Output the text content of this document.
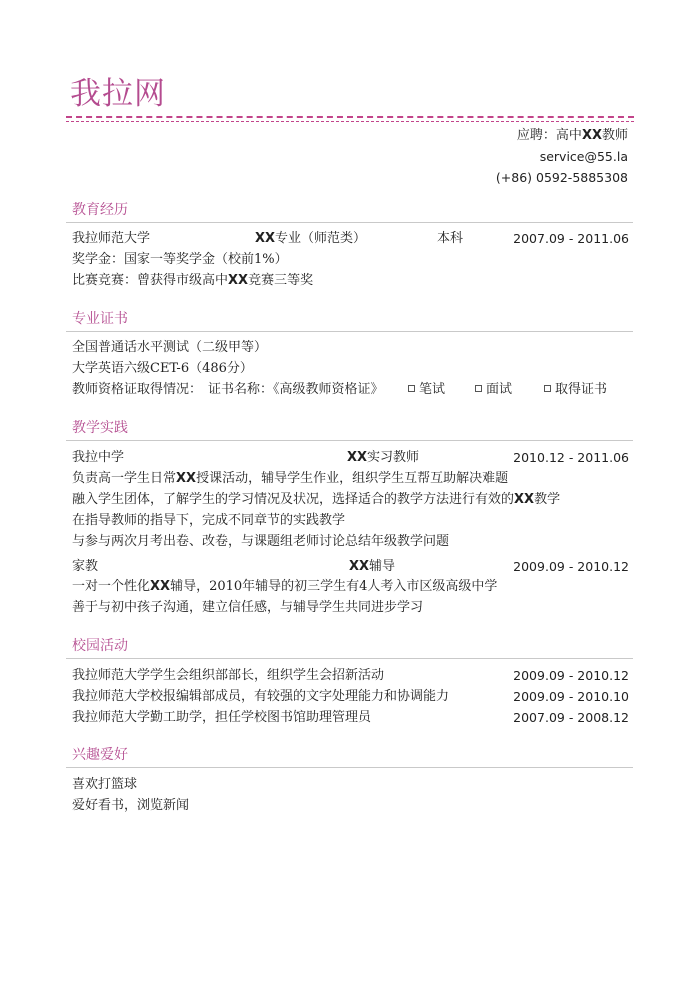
我拉网
应聘：高中XX教师
service@55.la
(+86) 0592-5885308
教育经历
我拉师范大学	XX专业（师范类）	本科	2007.09 - 2011.06
奖学金：国家一等奖学金（校前1%）
比赛竞赛：曾获得市级高中XX竞赛三等奖
专业证书
全国普通话水平测试（二级甲等）
大学英语六级CET-6（486分）
教师资格证取得情况： 证书名称：《高级教师资格证》	笔试	面试	取得证书
教学实践
我拉中学	XX实习教师	2010.12 - 2011.06
负责高一学生日常XX授课活动，辅导学生作业，组织学生互帮互助解决难题
融入学生团体，了解学生的学习情况及状况，选择适合的教学方法进行有效的XX教学
在指导教师的指导下，完成不同章节的实践教学
与参与两次月考出卷、改卷，与课题组老师讨论总结年级教学问题
家教	XX辅导	2009.09 - 2010.12
一对一个性化XX辅导，2010年辅导的初三学生有4人考入市区级高级中学
善于与初中孩子沟通，建立信任感，与辅导学生共同进步学习
校园活动
我拉师范大学学生会组织部部长，组织学生会招新活动	2009.09 - 2010.12
我拉师范大学校报编辑部成员，有较强的文字处理能力和协调能力	2009.09 - 2010.10
我拉师范大学勤工助学，担任学校图书馆助理管理员	2007.09 - 2008.12
兴趣爱好
喜欢打篮球
爱好看书，浏览新闻
